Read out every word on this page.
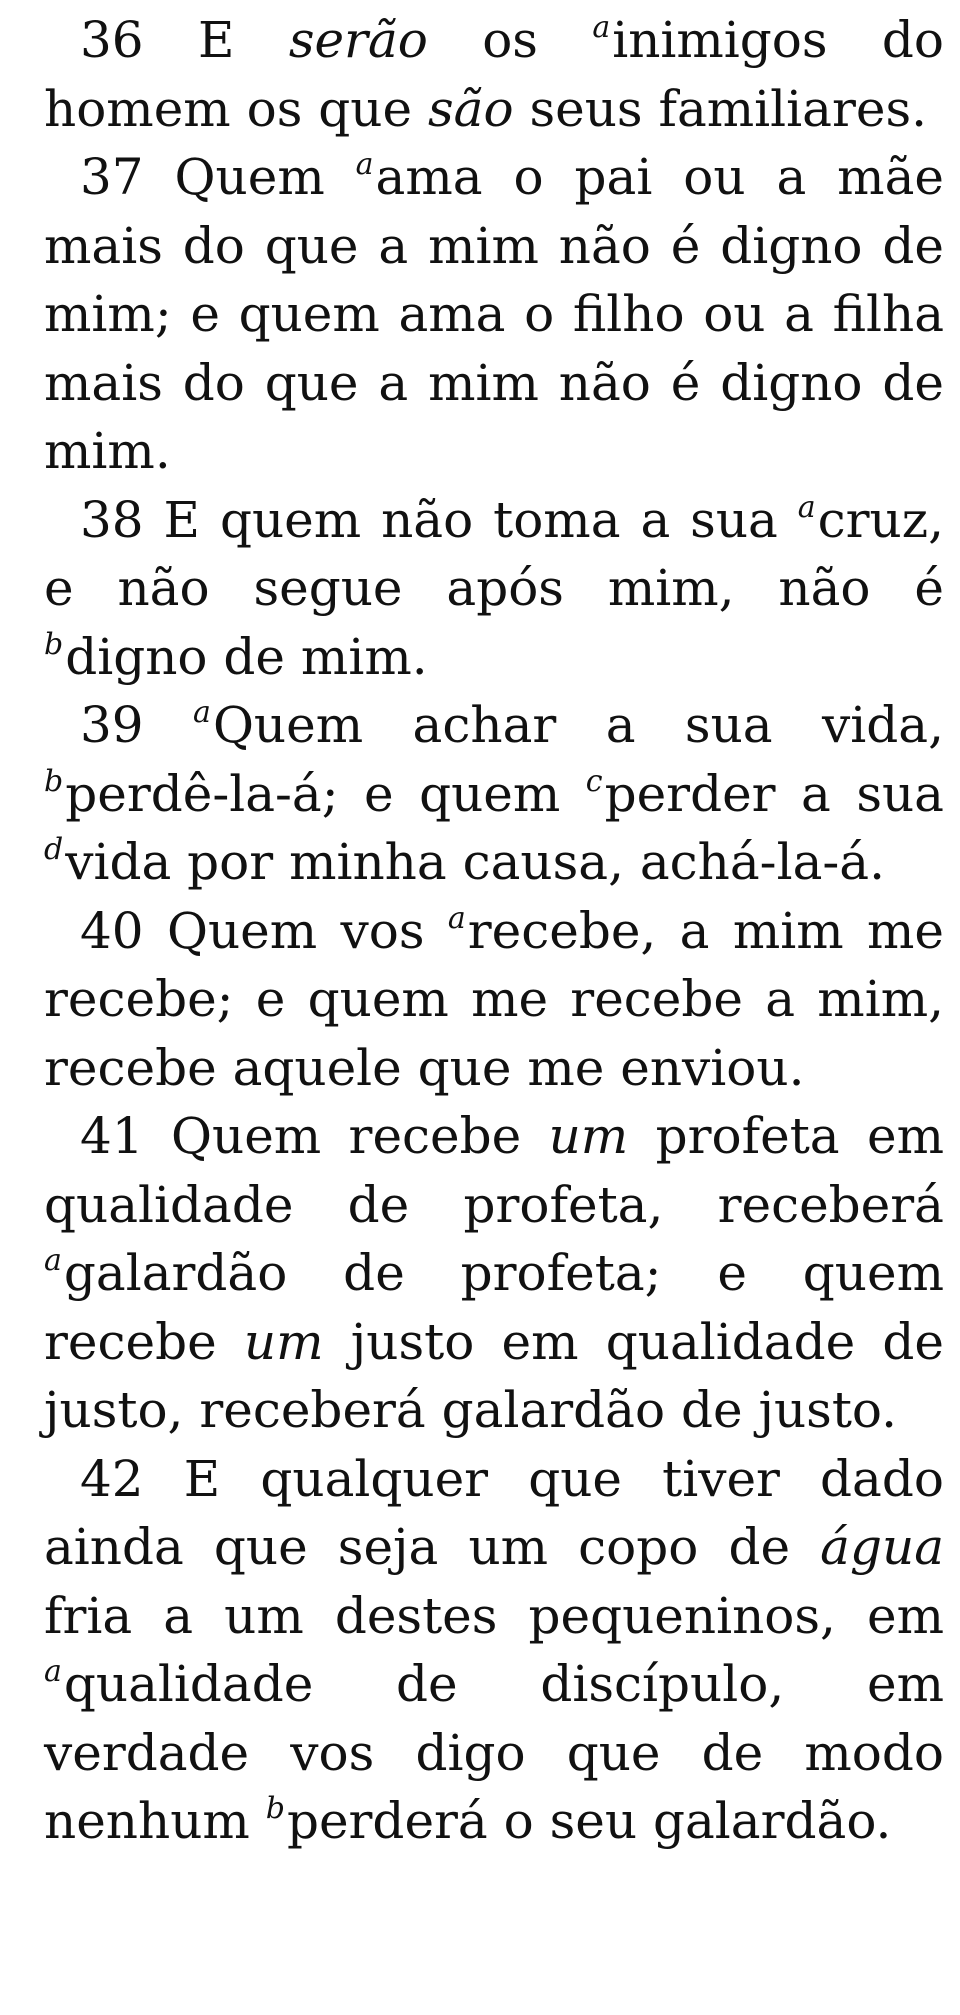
36 E serão os $^a$inimigos do homem os que são seus familiares.

37 Quem $^a$ama o pai ou a mãe mais do que a mim não é digno de mim; e quem ama o filho ou a filha mais do que a mim não é digno de mim.

38 E quem não toma a sua $^a$cruz, e não segue após mim, não é $^b$digno de mim.

39 $^a$Quem achar a sua vida, $^b$perdê-la-á; e quem $^c$perder a sua $^d$vida por minha causa, achá-la-á.

40 Quem vos $^a$recebe, a mim me recebe; e quem me recebe a mim, recebe aquele que me enviou.

41 Quem recebe um profeta em qualidade de profeta, receberá $^a$galardão de profeta; e quem recebe um justo em qualidade de justo, receberá galardão de justo.

42 E qualquer que tiver dado ainda que seja um copo de água fria a um destes pequeninos, em $^a$qualidade de discípulo, em verdade vos digo que de modo nenhum $^b$perderá o seu galardão.
